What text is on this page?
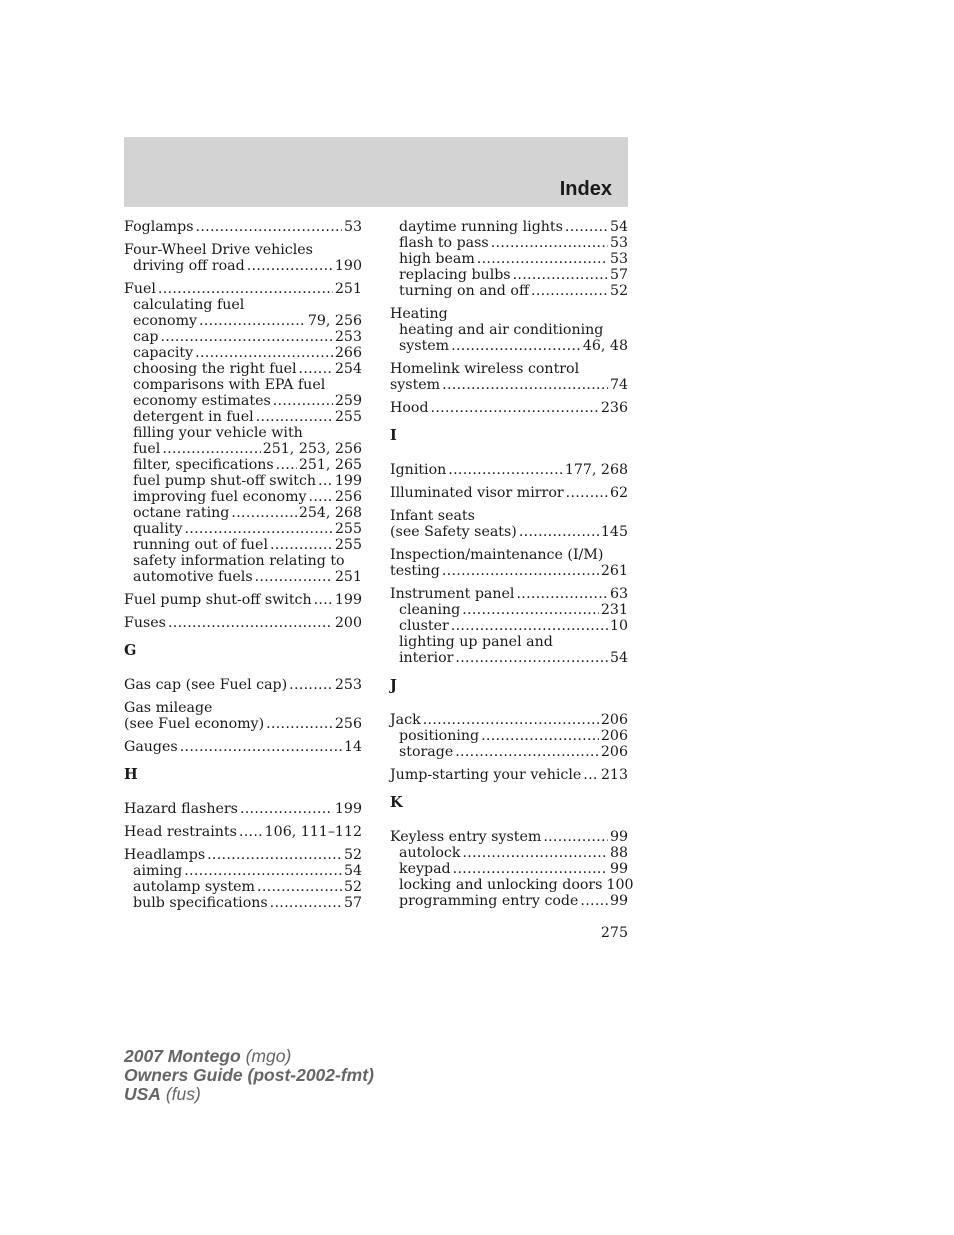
Index
Foglamps .....	53
Four-Wheel Drive vehicles
driving off road .....	190
Fuel .....	251
calculating fuel
economy .....	79, 256
cap .....	253
capacity .....	266
choosing the right fuel .....	254
comparisons with EPA fuel
economy estimates .....	259
detergent in fuel .....	255
filling your vehicle with
fuel .....	251, 253, 256
filter, specifications ..... 251, 265
fuel pump shut-off switch ..... 199
improving fuel economy ..... 256
octane rating .....	254, 268
quality .....	255
running out of fuel .....	255
safety information relating to
automotive fuels .....	251
Fuel pump shut-off switch ..... 199
Fuses .....	200
G
Gas cap (see Fuel cap) .....	253
Gas mileage
(see Fuel economy) .....	256
Gauges .....	14
H
Hazard flashers .....	199
Head restraints ..... 106, 111–112
Headlamps .....	52
aiming .....	54
autolamp system .....	52
bulb specifications .....	57
daytime running lights .....	54
flash to pass .....	53
high beam .....	53
replacing bulbs .....	57
turning on and off .....	52
Heating
heating and air conditioning
system .....	46, 48
Homelink wireless control
system .....	74
Hood .....	236
I
Ignition .....	177, 268
Illuminated visor mirror .....	62
Infant seats
(see Safety seats) .....	145
Inspection/maintenance (I/M)
testing .....	261
Instrument panel .....	63
cleaning .....	231
cluster .....	10
lighting up panel and
interior .....	54
J
Jack .....	206
positioning .....	206
storage .....	206
Jump-starting your vehicle ..... 213
K
Keyless entry system .....	99
autolock .....	88
keypad .....	99
locking and unlocking doors 100
programming entry code ..... 99
275
2007 Montego (mgo)
Owners Guide (post-2002-fmt)
USA (fus)
